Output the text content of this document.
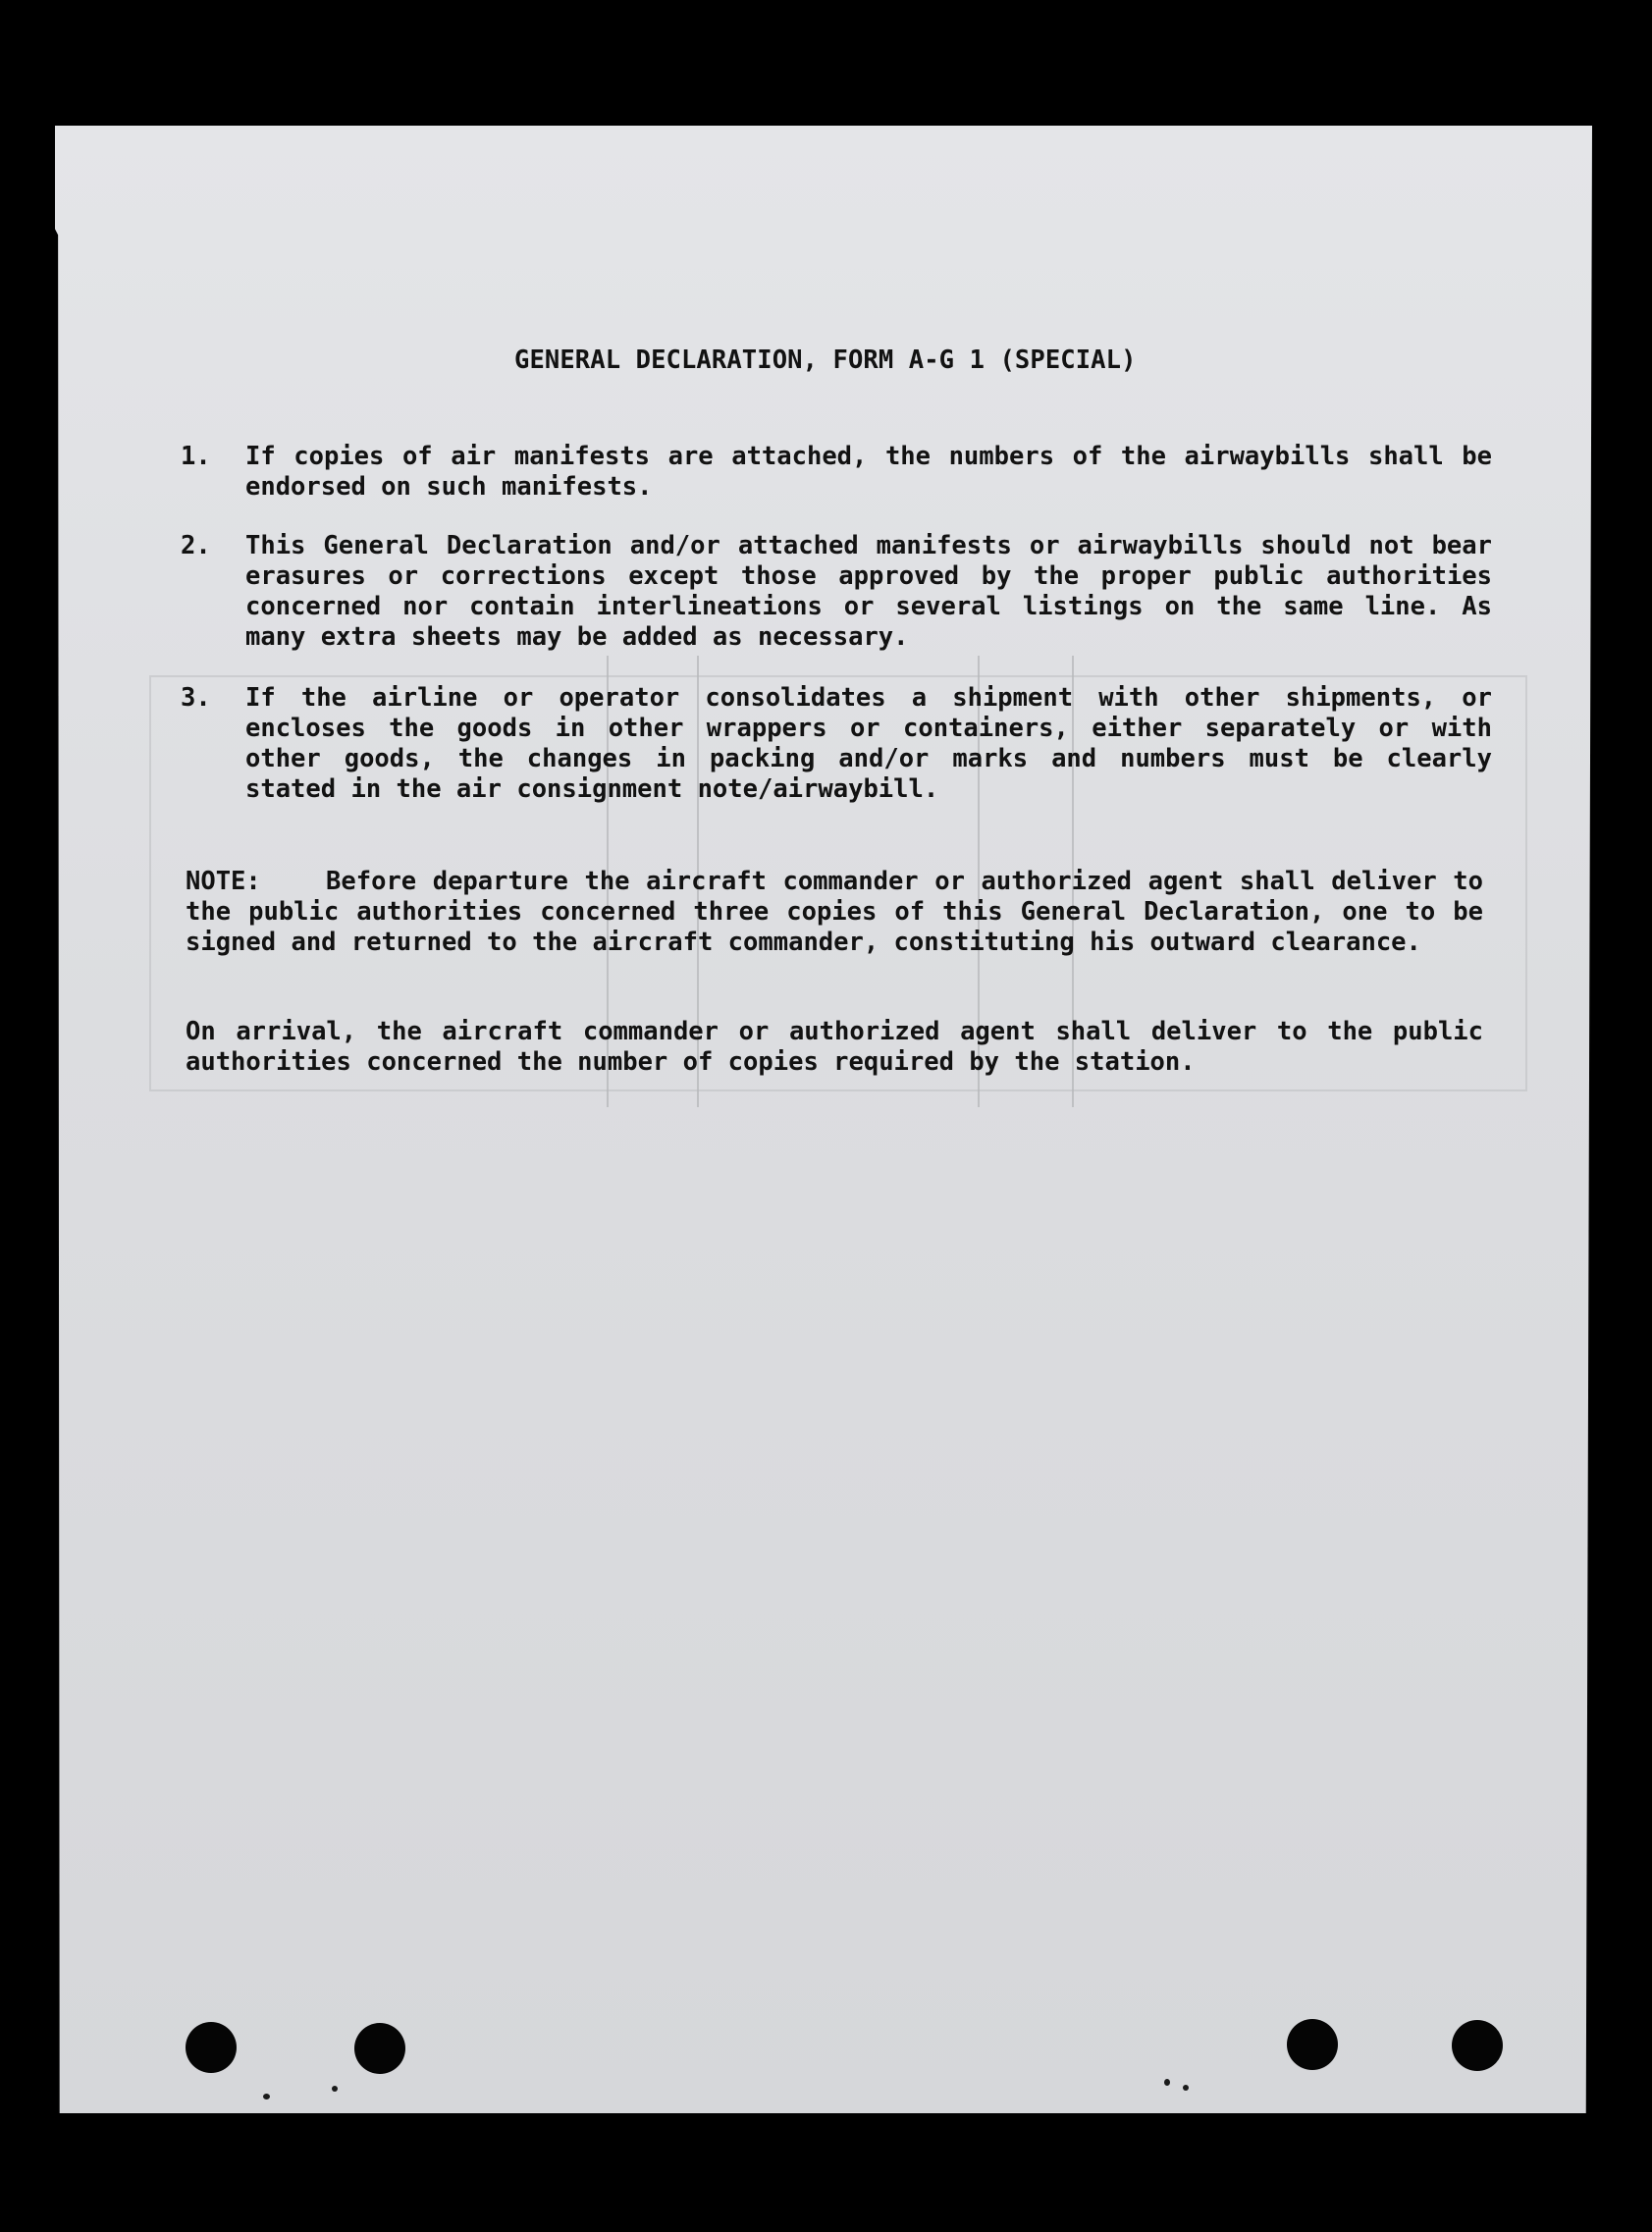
GENERAL DECLARATION, FORM A-G 1 (SPECIAL)
1. If copies of air manifests are attached, the numbers of the airwaybills shall be endorsed on such manifests.
2. This General Declaration and/or attached manifests or airwaybills should not bear erasures or corrections except those approved by the proper public authorities concerned nor contain interlineations or several listings on the same line. As many extra sheets may be added as necessary.
3. If the airline or operator consolidates a shipment with other shipments, or encloses the goods in other wrappers or containers, either separately or with other goods, the changes in packing and/or marks and numbers must be clearly stated in the air consignment note/airwaybill.
NOTE:    Before departure the aircraft commander or authorized agent shall deliver to the public authorities concerned three copies of this General Declaration, one to be signed and returned to the aircraft commander, constituting his outward clearance.
On arrival, the aircraft commander or authorized agent shall deliver to the public authorities concerned the number of copies required by the station.
